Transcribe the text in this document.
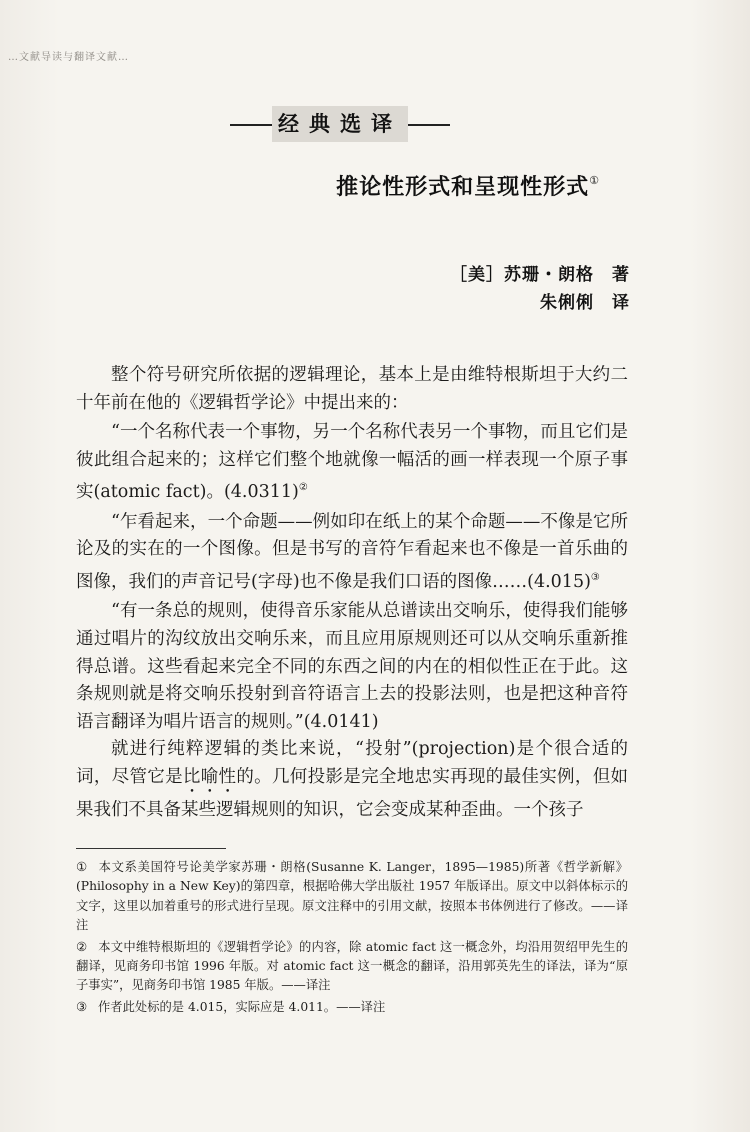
…文献导读与翻译文献…
经典选译
推论性形式和呈现性形式①
［美］苏珊・朗格　著
朱俐俐　译

整个符号研究所依据的逻辑理论，基本上是由维特根斯坦于大约二十年前在他的《逻辑哲学论》中提出来的：

“一个名称代表一个事物，另一个名称代表另一个事物，而且它们是彼此组合起来的；这样它们整个地就像一幅活的画一样表现一个原子事实(atomic fact)。(4.0311)②

“乍看起来，一个命题——例如印在纸上的某个命题——不像是它所论及的实在的一个图像。但是书写的音符乍看起来也不像是一首乐曲的图像，我们的声音记号(字母)也不像是我们口语的图像……(4.015)③

“有一条总的规则，使得音乐家能从总谱读出交响乐，使得我们能够通过唱片的沟纹放出交响乐来，而且应用原规则还可以从交响乐重新推得总谱。这些看起来完全不同的东西之间的内在的相似性正在于此。这条规则就是将交响乐投射到音符语言上去的投影法则，也是把这种音符语言翻译为唱片语言的规则。”(4.0141)

就进行纯粹逻辑的类比来说，“投射”(projection)是个很合适的词，尽管它是比喻性的。几何投影是完全地忠实再现的最佳实例，但如果我们不具备某些逻辑规则的知识，它会变成某种歪曲。一个孩子

① 本文系美国符号论美学家苏珊・朗格(Susanne K. Langer，1895—1985)所著《哲学新解》(Philosophy in a New Key)的第四章，根据哈佛大学出版社 1957 年版译出。原文中以斜体标示的文字，这里以加着重号的形式进行呈现。原文注释中的引用文献，按照本书体例进行了修改。——译注

② 本文中维特根斯坦的《逻辑哲学论》的内容，除 atomic fact 这一概念外，均沿用贺绍甲先生的翻译，见商务印书馆 1996 年版。对 atomic fact 这一概念的翻译，沿用郭英先生的译法，译为“原子事实”，见商务印书馆 1985 年版。——译注

③ 作者此处标的是 4.015，实际应是 4.011。——译注
